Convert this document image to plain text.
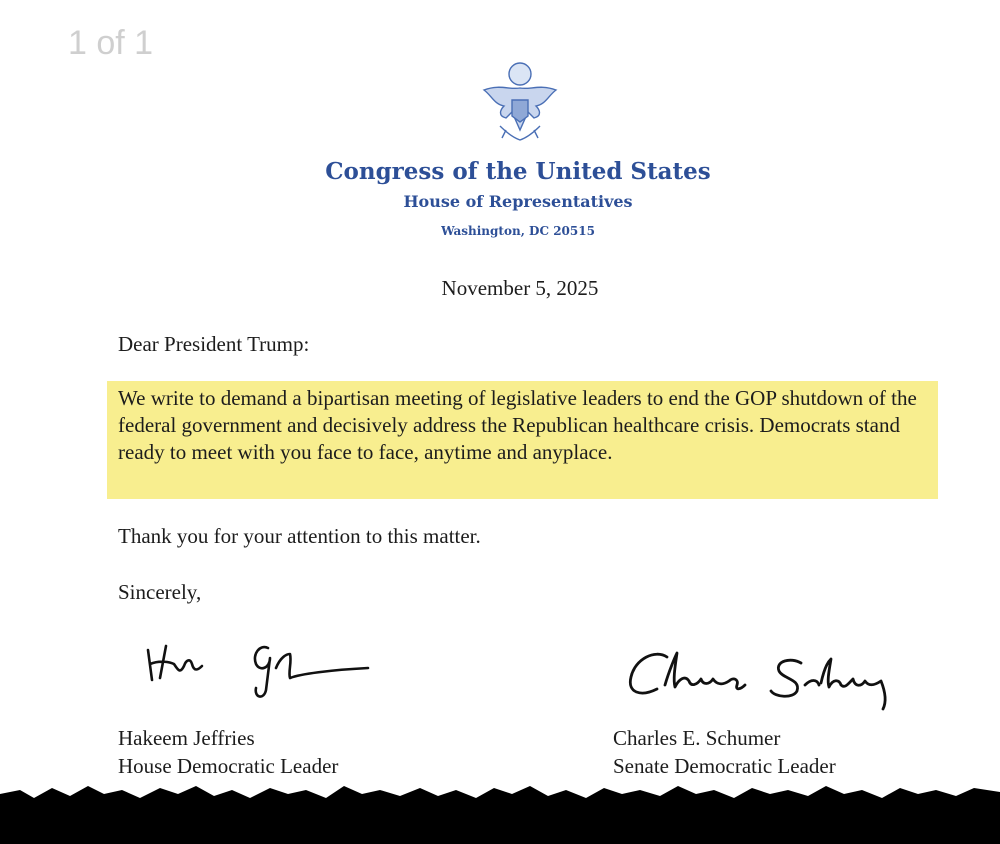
1 of 1
Congress of the United States
House of Representatives
Washington, DC 20515
November 5, 2025
Dear President Trump:
We write to demand a bipartisan meeting of legislative leaders to end the GOP shutdown of the federal government and decisively address the Republican healthcare crisis. Democrats stand ready to meet with you face to face, anytime and anyplace.
Thank you for your attention to this matter.
Sincerely,
Hakeem Jeffries
House Democratic Leader
Charles E. Schumer
Senate Democratic Leader
